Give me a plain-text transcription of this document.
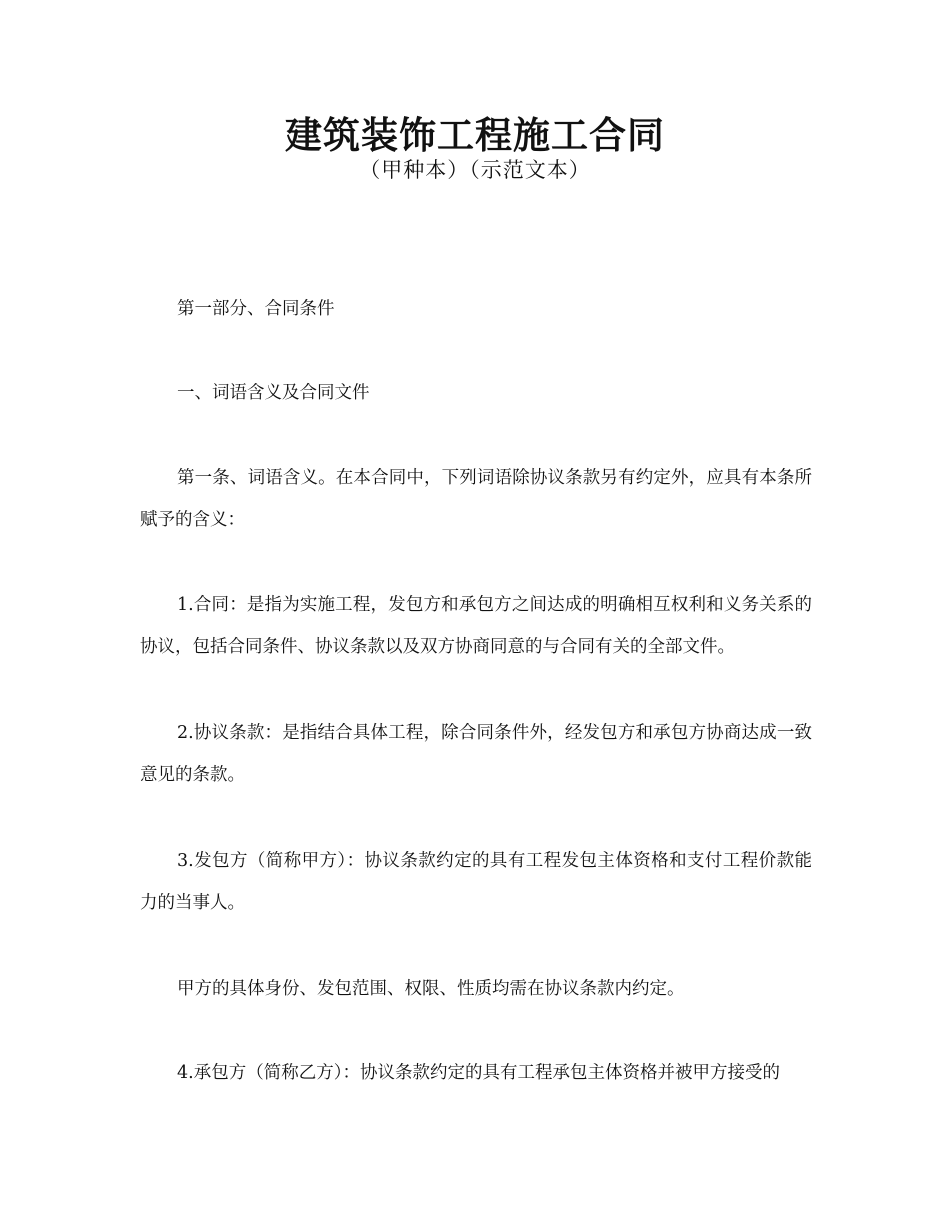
建筑装饰工程施工合同
（甲种本）（示范文本）

第一部分、合同条件

一、词语含义及合同文件

第一条、词语含义。在本合同中，下列词语除协议条款另有约定外，应具有本条所赋予的含义：

1.合同：是指为实施工程，发包方和承包方之间达成的明确相互权利和义务关系的协议，包括合同条件、协议条款以及双方协商同意的与合同有关的全部文件。

2.协议条款：是指结合具体工程，除合同条件外，经发包方和承包方协商达成一致意见的条款。

3.发包方（简称甲方）：协议条款约定的具有工程发包主体资格和支付工程价款能力的当事人。

甲方的具体身份、发包范围、权限、性质均需在协议条款内约定。

4.承包方（简称乙方）：协议条款约定的具有工程承包主体资格并被甲方接受的
